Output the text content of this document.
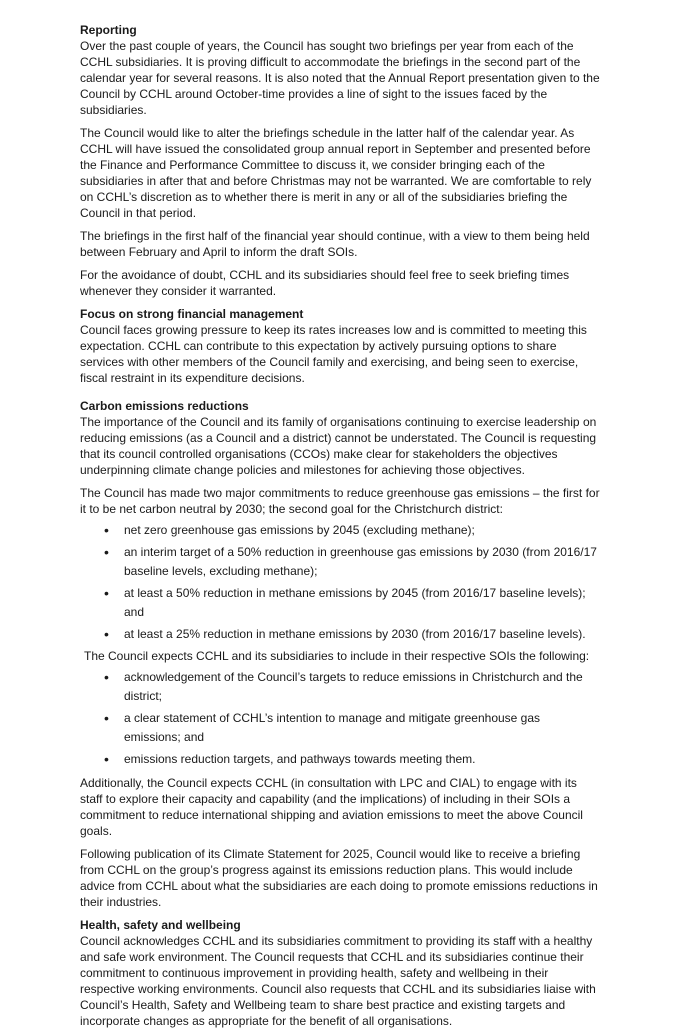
Reporting

Over the past couple of years, the Council has sought two briefings per year from each of the CCHL subsidiaries. It is proving difficult to accommodate the briefings in the second part of the calendar year for several reasons. It is also noted that the Annual Report presentation given to the Council by CCHL around October-time provides a line of sight to the issues faced by the subsidiaries.

The Council would like to alter the briefings schedule in the latter half of the calendar year. As CCHL will have issued the consolidated group annual report in September and presented before the Finance and Performance Committee to discuss it, we consider bringing each of the subsidiaries in after that and before Christmas may not be warranted. We are comfortable to rely on CCHL’s discretion as to whether there is merit in any or all of the subsidiaries briefing the Council in that period.

The briefings in the first half of the financial year should continue, with a view to them being held between February and April to inform the draft SOIs.

For the avoidance of doubt, CCHL and its subsidiaries should feel free to seek briefing times whenever they consider it warranted.

Focus on strong financial management

Council faces growing pressure to keep its rates increases low and is committed to meeting this expectation. CCHL can contribute to this expectation by actively pursuing options to share services with other members of the Council family and exercising, and being seen to exercise, fiscal restraint in its expenditure decisions.

Carbon emissions reductions

The importance of the Council and its family of organisations continuing to exercise leadership on reducing emissions (as a Council and a district) cannot be understated. The Council is requesting that its council controlled organisations (CCOs) make clear for stakeholders the objectives underpinning climate change policies and milestones for achieving those objectives.

The Council has made two major commitments to reduce greenhouse gas emissions – the first for it to be net carbon neutral by 2030; the second goal for the Christchurch district:

• net zero greenhouse gas emissions by 2045 (excluding methane);
• an interim target of a 50% reduction in greenhouse gas emissions by 2030 (from 2016/17 baseline levels, excluding methane);
• at least a 50% reduction in methane emissions by 2045 (from 2016/17 baseline levels); and
• at least a 25% reduction in methane emissions by 2030 (from 2016/17 baseline levels).

The Council expects CCHL and its subsidiaries to include in their respective SOIs the following:

• acknowledgement of the Council’s targets to reduce emissions in Christchurch and the district;
• a clear statement of CCHL’s intention to manage and mitigate greenhouse gas emissions; and
• emissions reduction targets, and pathways towards meeting them.

Additionally, the Council expects CCHL (in consultation with LPC and CIAL) to engage with its staff to explore their capacity and capability (and the implications) of including in their SOIs a commitment to reduce international shipping and aviation emissions to meet the above Council goals.

Following publication of its Climate Statement for 2025, Council would like to receive a briefing from CCHL on the group’s progress against its emissions reduction plans. This would include advice from CCHL about what the subsidiaries are each doing to promote emissions reductions in their industries.

Health, safety and wellbeing

Council acknowledges CCHL and its subsidiaries commitment to providing its staff with a healthy and safe work environment. The Council requests that CCHL and its subsidiaries continue their commitment to continuous improvement in providing health, safety and wellbeing in their respective working environments. Council also requests that CCHL and its subsidiaries liaise with Council’s Health, Safety and Wellbeing team to share best practice and existing targets and incorporate changes as appropriate for the benefit of all organisations.
